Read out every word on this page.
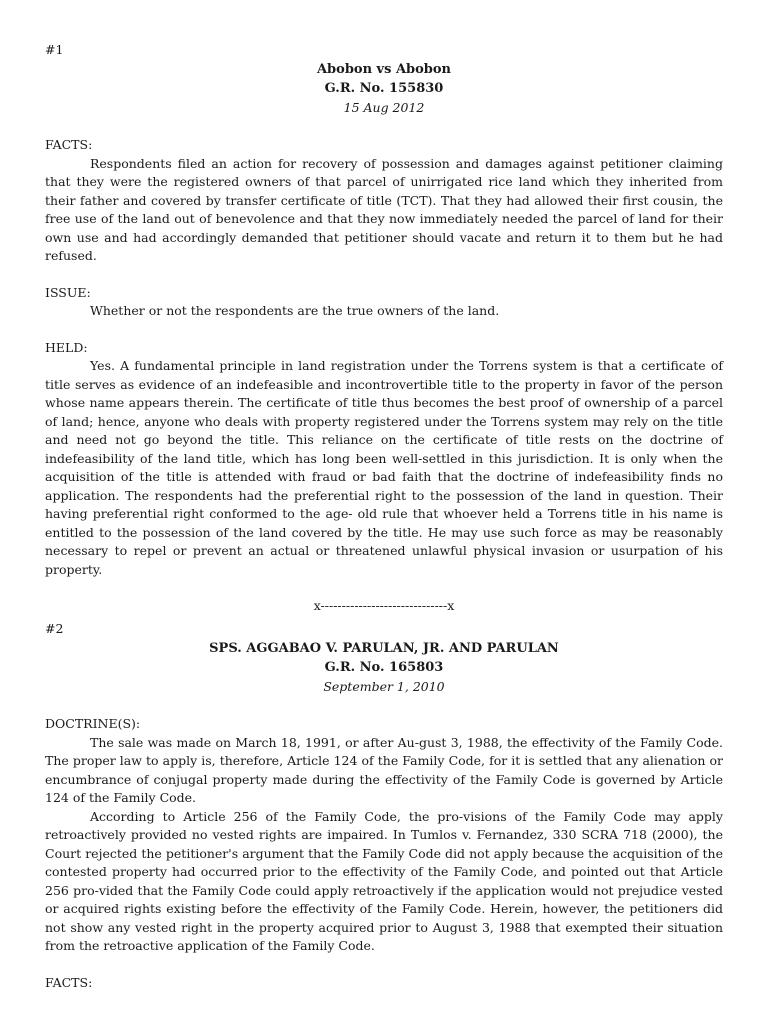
#1

Abobon vs Abobon
G.R. No. 155830
15 Aug 2012

FACTS:

Respondents filed an action for recovery of possession and damages against petitioner claiming that they were the registered owners of that parcel of unirrigated rice land which they inherited from their father and covered by transfer certificate of title (TCT). That they had allowed their first cousin, the free use of the land out of benevolence and that they now immediately needed the parcel of land for their own use and had accordingly demanded that petitioner should vacate and return it to them but he had refused.

ISSUE:

Whether or not the respondents are the true owners of the land.

HELD:

Yes. A fundamental principle in land registration under the Torrens system is that a certificate of title serves as evidence of an indefeasible and incontrovertible title to the property in favor of the person whose name appears therein. The certificate of title thus becomes the best proof of ownership of a parcel of land; hence, anyone who deals with property registered under the Torrens system may rely on the title and need not go beyond the title. This reliance on the certificate of title rests on the doctrine of indefeasibility of the land title, which has long been well-settled in this jurisdiction. It is only when the acquisition of the title is attended with fraud or bad faith that the doctrine of indefeasibility finds no application. The respondents had the preferential right to the possession of the land in question. Their having preferential right conformed to the age- old rule that whoever held a Torrens title in his name is entitled to the possession of the land covered by the title. He may use such force as may be reasonably necessary to repel or prevent an actual or threatened unlawful physical invasion or usurpation of his property.

x------------------------------x

#2

SPS. AGGABAO V. PARULAN, JR. AND PARULAN
G.R. No. 165803
September 1, 2010

DOCTRINE(S):

The sale was made on March 18, 1991, or after Au-gust 3, 1988, the effectivity of the Family Code. The proper law to apply is, therefore, Article 124 of the Family Code, for it is settled that any alienation or encumbrance of conjugal property made during the effectivity of the Family Code is governed by Article 124 of the Family Code.

According to Article 256 of the Family Code, the pro-visions of the Family Code may apply retroactively provided no vested rights are impaired. In Tumlos v. Fernandez, 330 SCRA 718 (2000), the Court rejected the petitioner's argument that the Family Code did not apply because the acquisition of the contested property had occurred prior to the effectivity of the Family Code, and pointed out that Article 256 pro-vided that the Family Code could apply retroactively if the application would not prejudice vested or acquired rights existing before the effectivity of the Family Code. Herein, however, the petitioners did not show any vested right in the property acquired prior to August 3, 1988 that exempted their situation from the retroactive application of the Family Code.

FACTS:
